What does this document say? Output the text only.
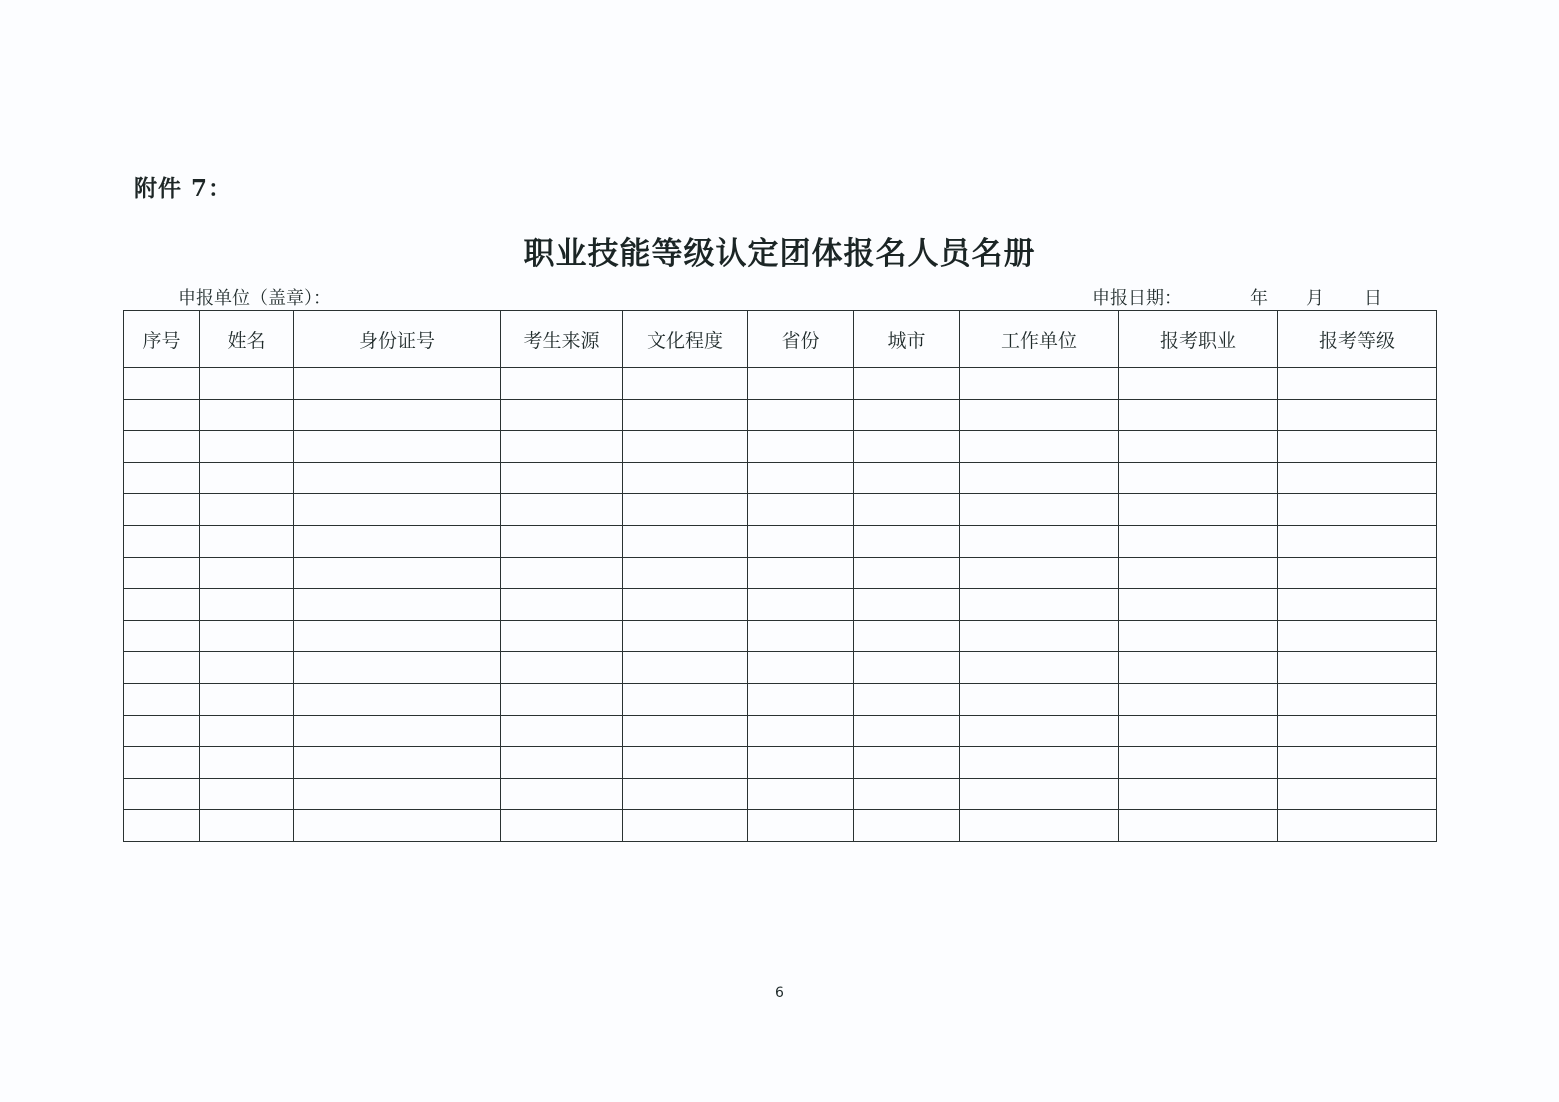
附件 7：
职业技能等级认定团体报名人员名册
申报单位（盖章）：	申报日期：	年 月 日
序号	姓名	身份证号	考生来源	文化程度	省份	城市	工作单位	报考职业	报考等级

6
